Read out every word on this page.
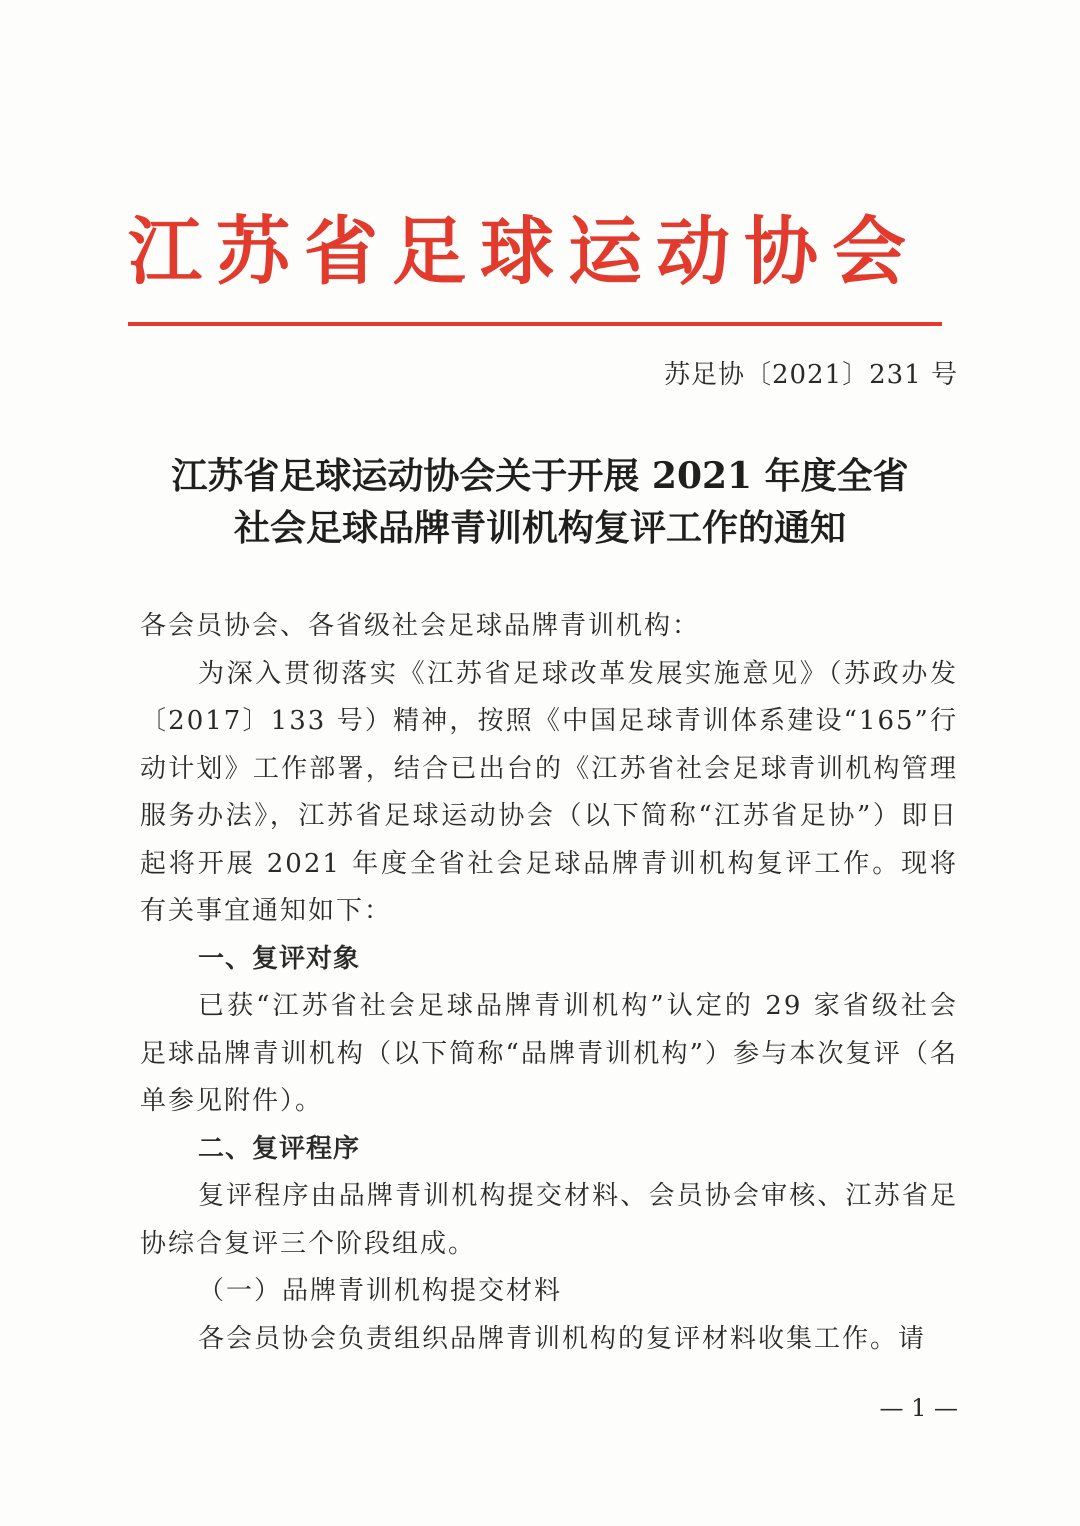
江苏省足球运动协会
苏足协〔2021〕231 号
江苏省足球运动协会关于开展 2021 年度全省
社会足球品牌青训机构复评工作的通知

各会员协会、各省级社会足球品牌青训机构：

为深入贯彻落实《江苏省足球改革发展实施意见》（苏政办发〔2017〕133 号）精神，按照《中国足球青训体系建设“165”行动计划》工作部署，结合已出台的《江苏省社会足球青训机构管理服务办法》，江苏省足球运动协会（以下简称“江苏省足协”）即日起将开展 2021 年度全省社会足球品牌青训机构复评工作。现将有关事宜通知如下：

一、复评对象

已获“江苏省社会足球品牌青训机构”认定的 29 家省级社会足球品牌青训机构（以下简称“品牌青训机构”）参与本次复评（名单参见附件）。

二、复评程序

复评程序由品牌青训机构提交材料、会员协会审核、江苏省足协综合复评三个阶段组成。

（一）品牌青训机构提交材料

各会员协会负责组织品牌青训机构的复评材料收集工作。请

— 1 —
